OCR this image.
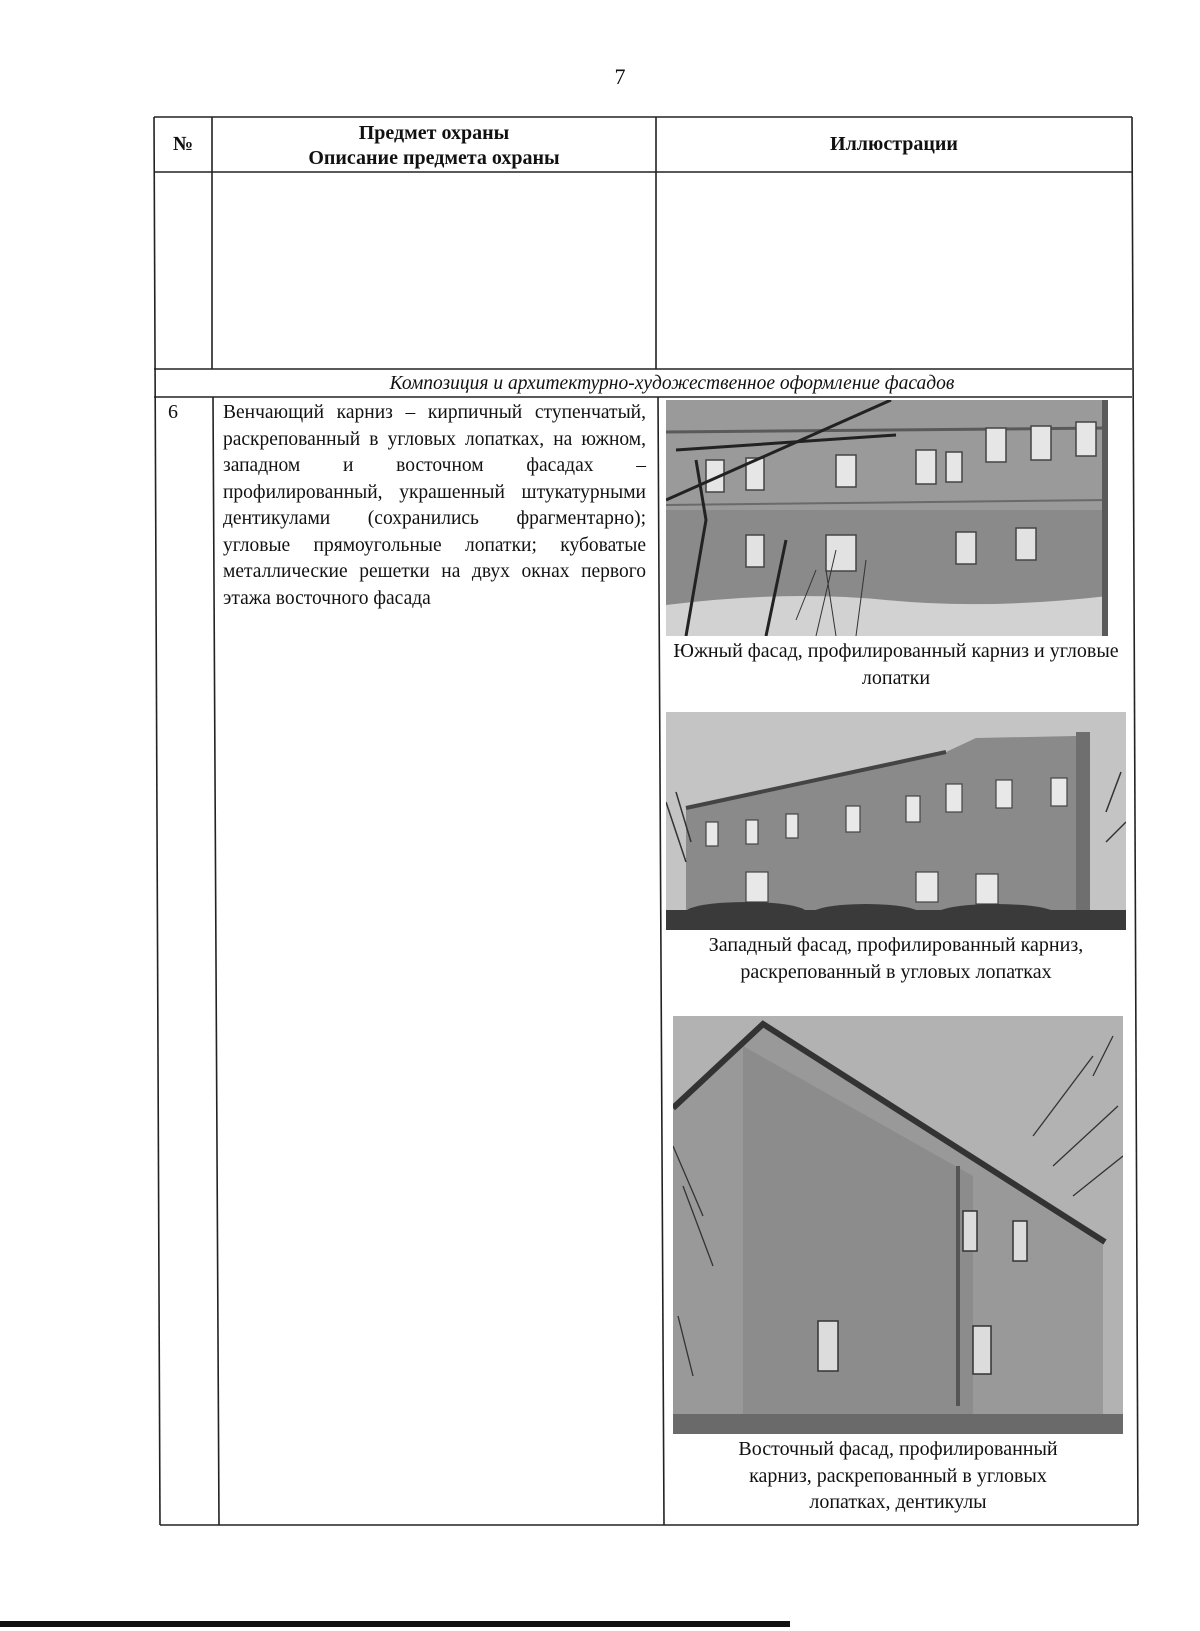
7
№	Предмет охраны
Описание предмета охраны
Иллюстрации
Композиция и архитектурно-художественное оформление фасадов
6 Венчающий карниз – кирпичный ступенчатый, раскрепованный в угловых лопатках, на южном, западном и восточном фасадах – профилированный, украшенный штукатурными дентикулами (сохранились фрагментарно); угловые прямоугольные лопатки; кубоватые металлические решетки на двух окнах первого этажа восточного фасада
Южный фасад, профилированный карниз и угловые лопатки
Западный фасад, профилированный карниз, раскрепованный в угловых лопатках
Восточный фасад, профилированный карниз, раскрепованный в угловых лопатках, дентикулы
